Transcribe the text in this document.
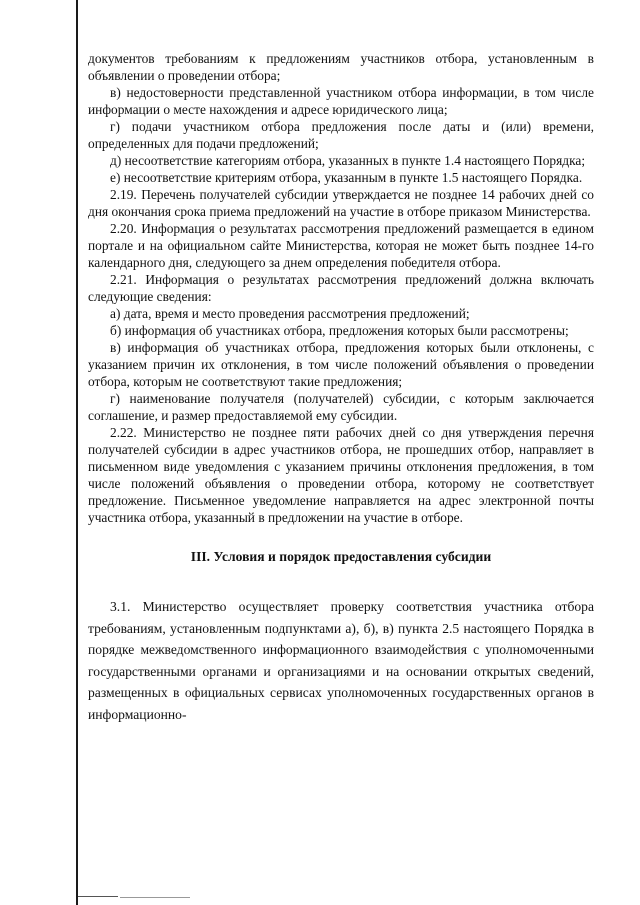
документов требованиям к предложениям участников отбора, установленным в объявлении о проведении отбора;

в) недостоверности представленной участником отбора информации, в том числе информации о месте нахождения и адресе юридического лица;

г) подачи участником отбора предложения после даты и (или) времени, определенных для подачи предложений;

д) несоответствие категориям отбора, указанных в пункте 1.4 настоящего Порядка;

е) несоответствие критериям отбора, указанным в пункте 1.5 настоящего Порядка.

2.19. Перечень получателей субсидии утверждается не позднее 14 рабочих дней со дня окончания срока приема предложений на участие в отборе приказом Министерства.

2.20. Информация о результатах рассмотрения предложений размещается в едином портале и на официальном сайте Министерства, которая не может быть позднее 14-го календарного дня, следующего за днем определения победителя отбора.

2.21. Информация о результатах рассмотрения предложений должна включать следующие сведения:

а) дата, время и место проведения рассмотрения предложений;

б) информация об участниках отбора, предложения которых были рассмотрены;

в) информация об участниках отбора, предложения которых были отклонены, с указанием причин их отклонения, в том числе положений объявления о проведении отбора, которым не соответствуют такие предложения;

г) наименование получателя (получателей) субсидии, с которым заключается соглашение, и размер предоставляемой ему субсидии.

2.22. Министерство не позднее пяти рабочих дней со дня утверждения перечня получателей субсидии в адрес участников отбора, не прошедших отбор, направляет в письменном виде уведомления с указанием причины отклонения предложения, в том числе положений объявления о проведении отбора, которому не соответствует предложение. Письменное уведомление направляется на адрес электронной почты участника отбора, указанный в предложении на участие в отборе.

III. Условия и порядок предоставления субсидии

3.1. Министерство осуществляет проверку соответствия участника отбора требованиям, установленным подпунктами а), б), в) пункта 2.5 настоящего Порядка в порядке межведомственного информационного взаимодействия с уполномоченными государственными органами и организациями и на основании открытых сведений, размещенных в официальных сервисах уполномоченных государственных органов в информационно-
